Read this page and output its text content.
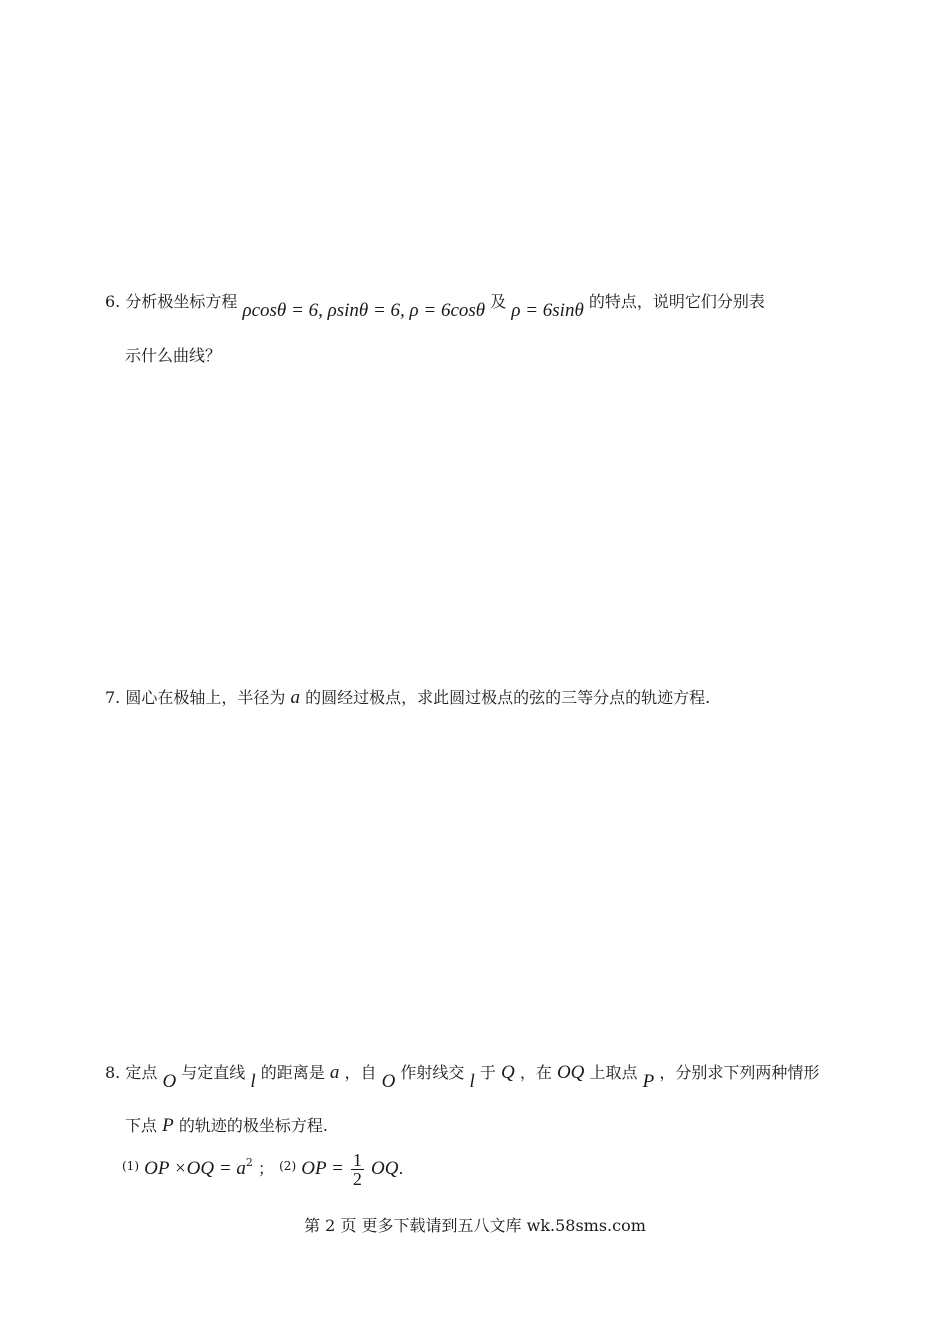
6. 分析极坐标方程 ρcosθ = 6, ρsinθ = 6, ρ = 6cosθ 及 ρ = 6sinθ 的特点，说明它们分别表
示什么曲线？
7. 圆心在极轴上，半径为 a 的圆经过极点，求此圆过极点的弦的三等分点的轨迹方程.
8. 定点 O 与定直线 l 的距离是 a ，自 O 作射线交 l 于 Q ，在 OQ 上取点 P ，分别求下列两种情形
下点 P 的轨迹的极坐标方程.
$^{(1)}$ OP $\times OQ = a^2$ ； $^{(2)}$ OP = $\frac{1}{2}$ OQ.
第 2 页 更多下载请到五八文库 wk.58sms.com
